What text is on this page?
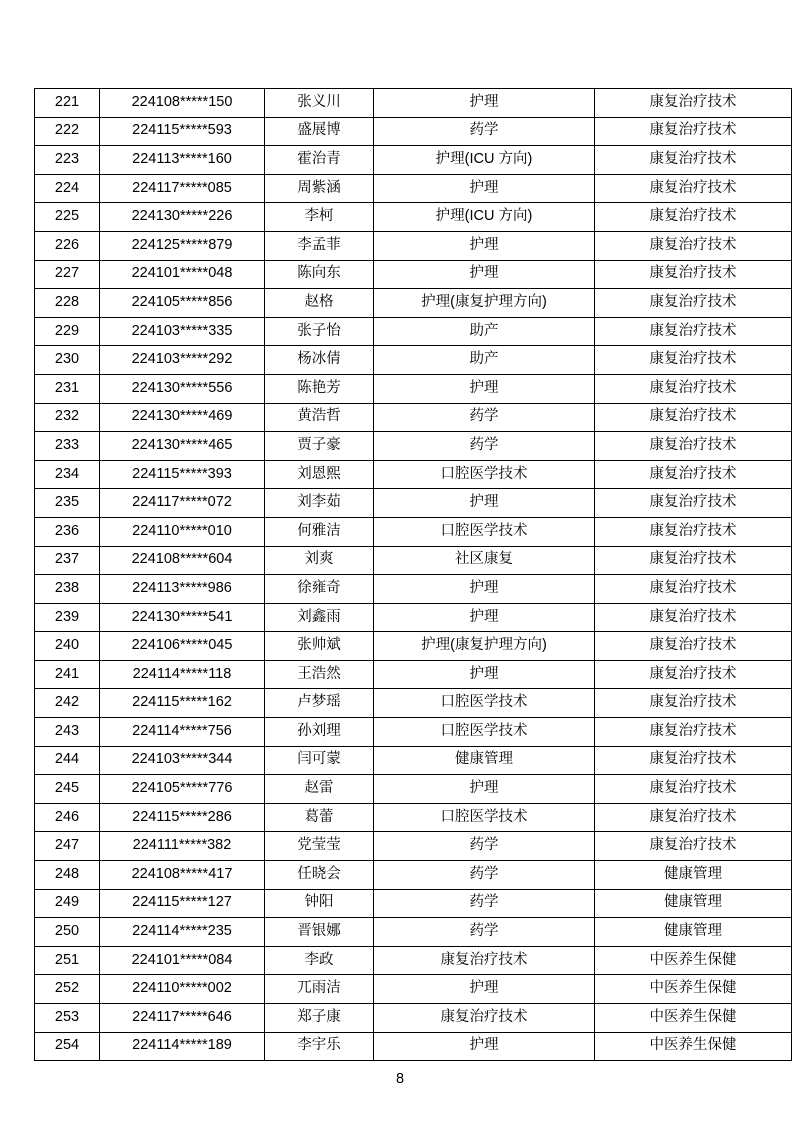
221	224108*****150	张义川	护理	康复治疗技术
222	224115*****593	盛展博	药学	康复治疗技术
223	224113*****160	霍治青	护理(ICU 方向)	康复治疗技术
224	224117*****085	周紫涵	护理	康复治疗技术
225	224130*****226	李柯	护理(ICU 方向)	康复治疗技术
226	224125*****879	李孟菲	护理	康复治疗技术
227	224101*****048	陈向东	护理	康复治疗技术
228	224105*****856	赵格	护理(康复护理方向)	康复治疗技术
229	224103*****335	张子怡	助产	康复治疗技术
230	224103*****292	杨冰倩	助产	康复治疗技术
231	224130*****556	陈艳芳	护理	康复治疗技术
232	224130*****469	黄浩哲	药学	康复治疗技术
233	224130*****465	贾子豪	药学	康复治疗技术
234	224115*****393	刘恩熙	口腔医学技术	康复治疗技术
235	224117*****072	刘李茹	护理	康复治疗技术
236	224110*****010	何雅洁	口腔医学技术	康复治疗技术
237	224108*****604	刘爽	社区康复	康复治疗技术
238	224113*****986	徐雍奇	护理	康复治疗技术
239	224130*****541	刘鑫雨	护理	康复治疗技术
240	224106*****045	张帅斌	护理(康复护理方向)	康复治疗技术
241	224114*****118	王浩然	护理	康复治疗技术
242	224115*****162	卢梦瑶	口腔医学技术	康复治疗技术
243	224114*****756	孙刘理	口腔医学技术	康复治疗技术
244	224103*****344	闫可蒙	健康管理	康复治疗技术
245	224105*****776	赵雷	护理	康复治疗技术
246	224115*****286	葛蕾	口腔医学技术	康复治疗技术
247	224111*****382	党莹莹	药学	康复治疗技术
248	224108*****417	任晓会	药学	健康管理
249	224115*****127	钟阳	药学	健康管理
250	224114*****235	晋银娜	药学	健康管理
251	224101*****084	李政	康复治疗技术	中医养生保健
252	224110*****002	兀雨洁	护理	中医养生保健
253	224117*****646	郑子康	康复治疗技术	中医养生保健
254	224114*****189	李宇乐	护理	中医养生保健
8
